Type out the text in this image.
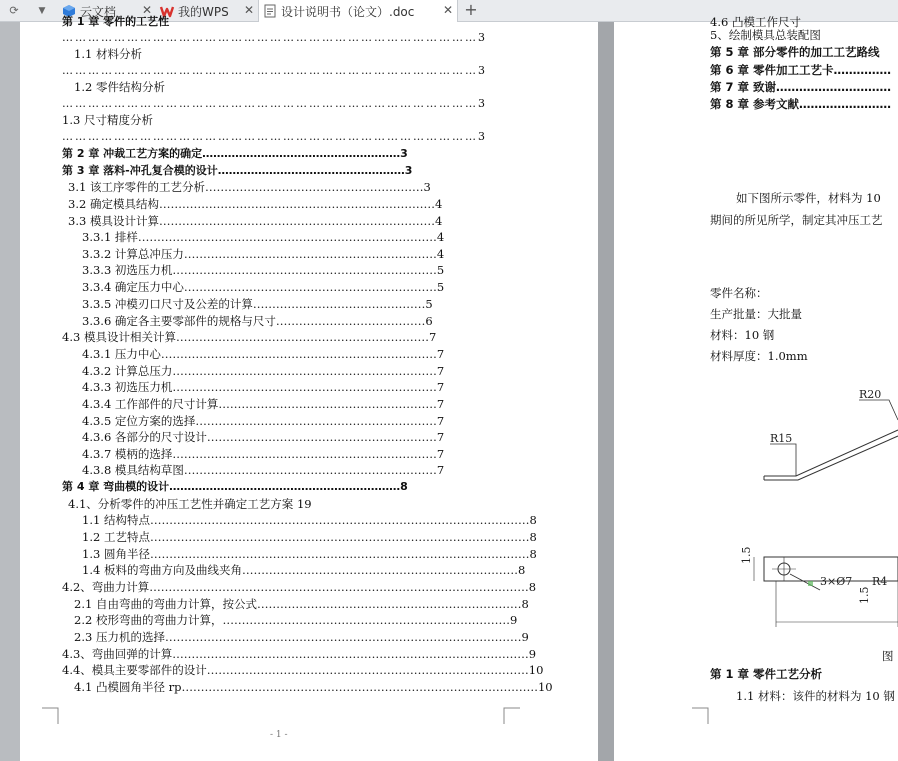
⟳	▼	云文档 ✕ 我的WPS ✕ 设计说明书（论文）.doc ✕ +
第 1 章 零件的工艺性
……………………………………………………………………………………3
……………………………………………………………………………………3
……………………………………………………………………………………3
……………………………………………………………………………………3
1.1 材料分析
1.2 零件结构分析
1.3 尺寸精度分析
第 2 章 冲裁工艺方案的确定………………………………………………3
第 3 章 落料-冲孔复合模的设计……………………………………………3
3.1 该工序零件的工艺分析…………………………………………………3
3.2 确定模具结构………………………………………………………………4
3.3 模具设计计算………………………………………………………………4
3.3.1 排样……………………………………………………………………4
3.3.2 计算总冲压力…………………………………………………………4
3.3.3 初选压力机……………………………………………………………5
3.3.4 确定压力中心…………………………………………………………5
3.3.5 冲模刃口尺寸及公差的计算………………………………………5
3.3.6 确定各主要零部件的规格与尺寸…………………………………6
4.3 模具设计相关计算…………………………………………………………7
4.3.1 压力中心………………………………………………………………7
4.3.2 计算总压力……………………………………………………………7
4.3.3 初选压力机……………………………………………………………7
4.3.4 工作部件的尺寸计算…………………………………………………7
4.3.5 定位方案的选择………………………………………………………7
4.3.6 各部分的尺寸设计……………………………………………………7
4.3.7 模柄的选择……………………………………………………………7
4.3.8 模具结构草图…………………………………………………………7
第 4 章 弯曲模的设计………………………………………………………8
4.1、分析零件的冲压工艺性并确定工艺方案 19
1.1 结构特点………………………………………………………………………………………8
1.2 工艺特点………………………………………………………………………………………8
1.3 圆角半径………………………………………………………………………………………8
1.4 板料的弯曲方向及曲线夹角………………………………………………………………8
4.2、弯曲力计算………………………………………………………………………………………8
2.1 自由弯曲的弯曲力计算，按公式……………………………………………………………8
2.2 校形弯曲的弯曲力计算，…………………………………………………………………9
2.3 压力机的选择…………………………………………………………………………………9
4.3、弯曲回弹的计算…………………………………………………………………………………9
4.4、模具主要零部件的设计…………………………………………………………………………10
4.1 凸模圆角半径 rp…………………………………………………………………………………10
- 1 -
4.6 凸模工作尺寸
5、绘制模具总装配图
第 5 章 部分零件的加工工艺路线
第 6 章 零件加工工艺卡……………
第 7 章 致谢…………………………
第 8 章 参考文献……………………
如下图所示零件，材料为 10
期间的所见所学，制定其冲压工艺
零件名称：
生产批量：大批量
材料：10 钢
材料厚度：1.0mm
R20
R15
3×Ø7 R4
1.5
1.5
图
第 1 章 零件工艺分析
1.1 材料：该件的材料为 10 钢
